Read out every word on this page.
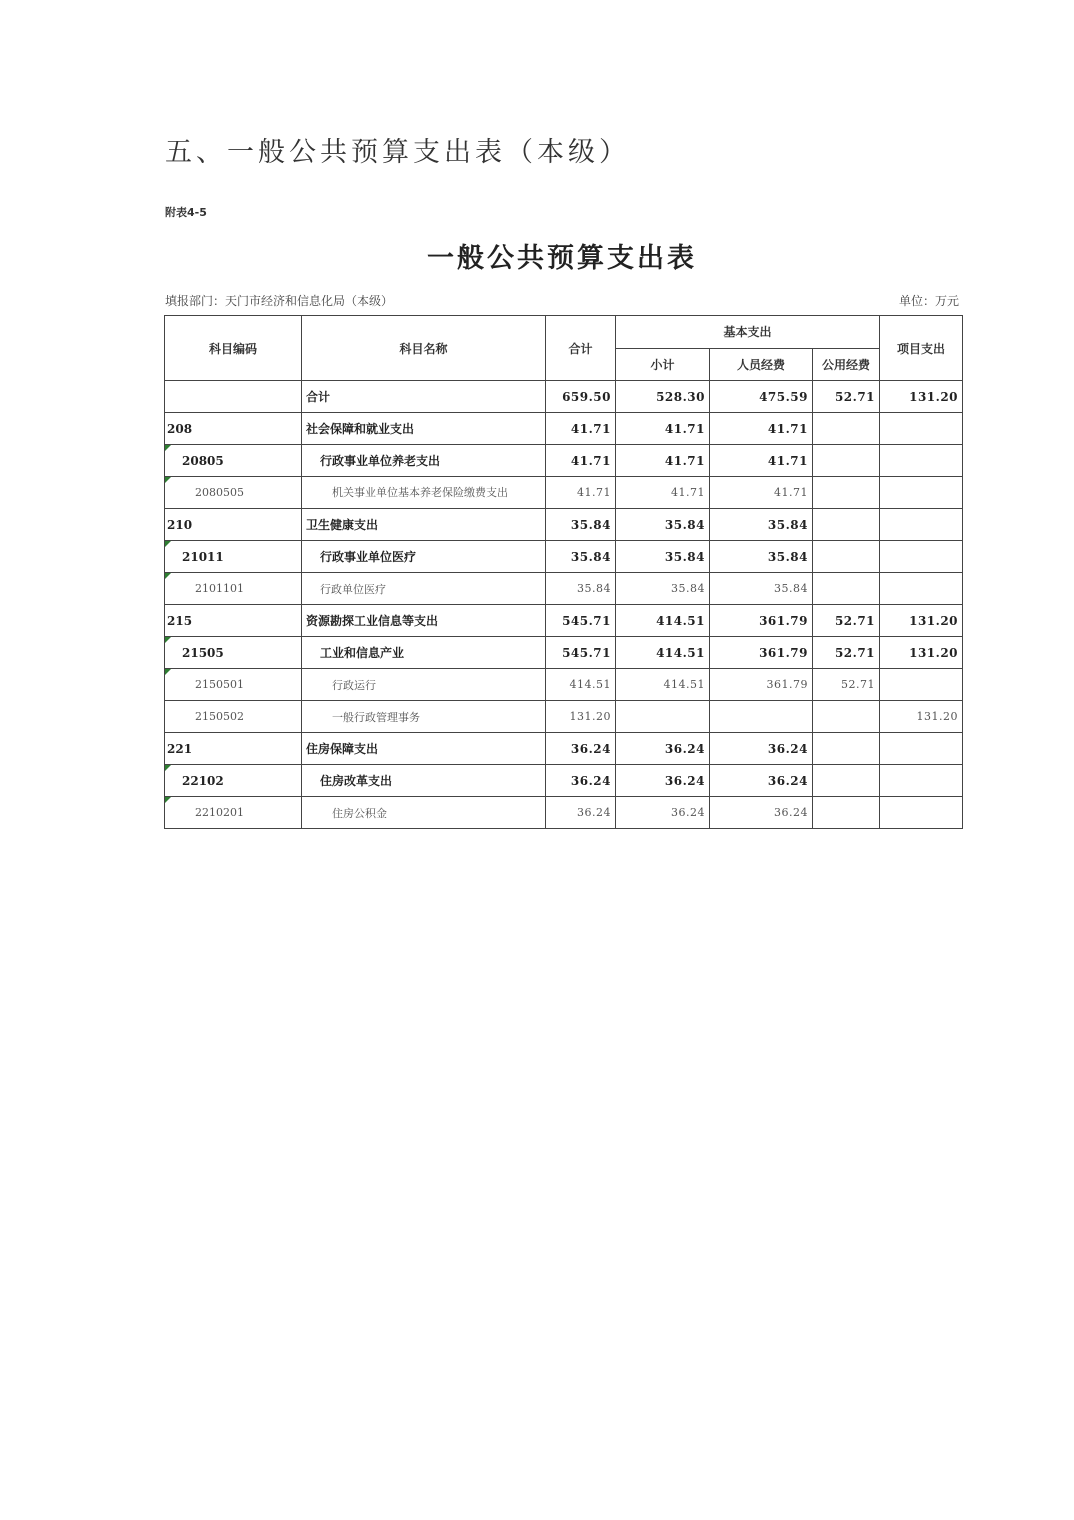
五、一般公共预算支出表（本级）
附表4-5
一般公共预算支出表
填报部门：天门市经济和信息化局（本级）	单位：万元
科目编码	科目名称	合计	基本支出			项目支出
			小计	人员经费	公用经费	
	合计	659.50	528.30	475.59	52.71	131.20
208	社会保障和就业支出	41.71	41.71	41.71		
20805	行政事业单位养老支出	41.71	41.71	41.71		
2080505	机关事业单位基本养老保险缴费支出	41.71	41.71	41.71		
210	卫生健康支出	35.84	35.84	35.84		
21011	行政事业单位医疗	35.84	35.84	35.84		
2101101	行政单位医疗	35.84	35.84	35.84		
215	资源勘探工业信息等支出	545.71	414.51	361.79	52.71	131.20
21505	工业和信息产业	545.71	414.51	361.79	52.71	131.20
2150501	行政运行	414.51	414.51	361.79	52.71	
2150502	一般行政管理事务	131.20				131.20
221	住房保障支出	36.24	36.24	36.24		
22102	住房改革支出	36.24	36.24	36.24		
2210201	住房公积金	36.24	36.24	36.24		
